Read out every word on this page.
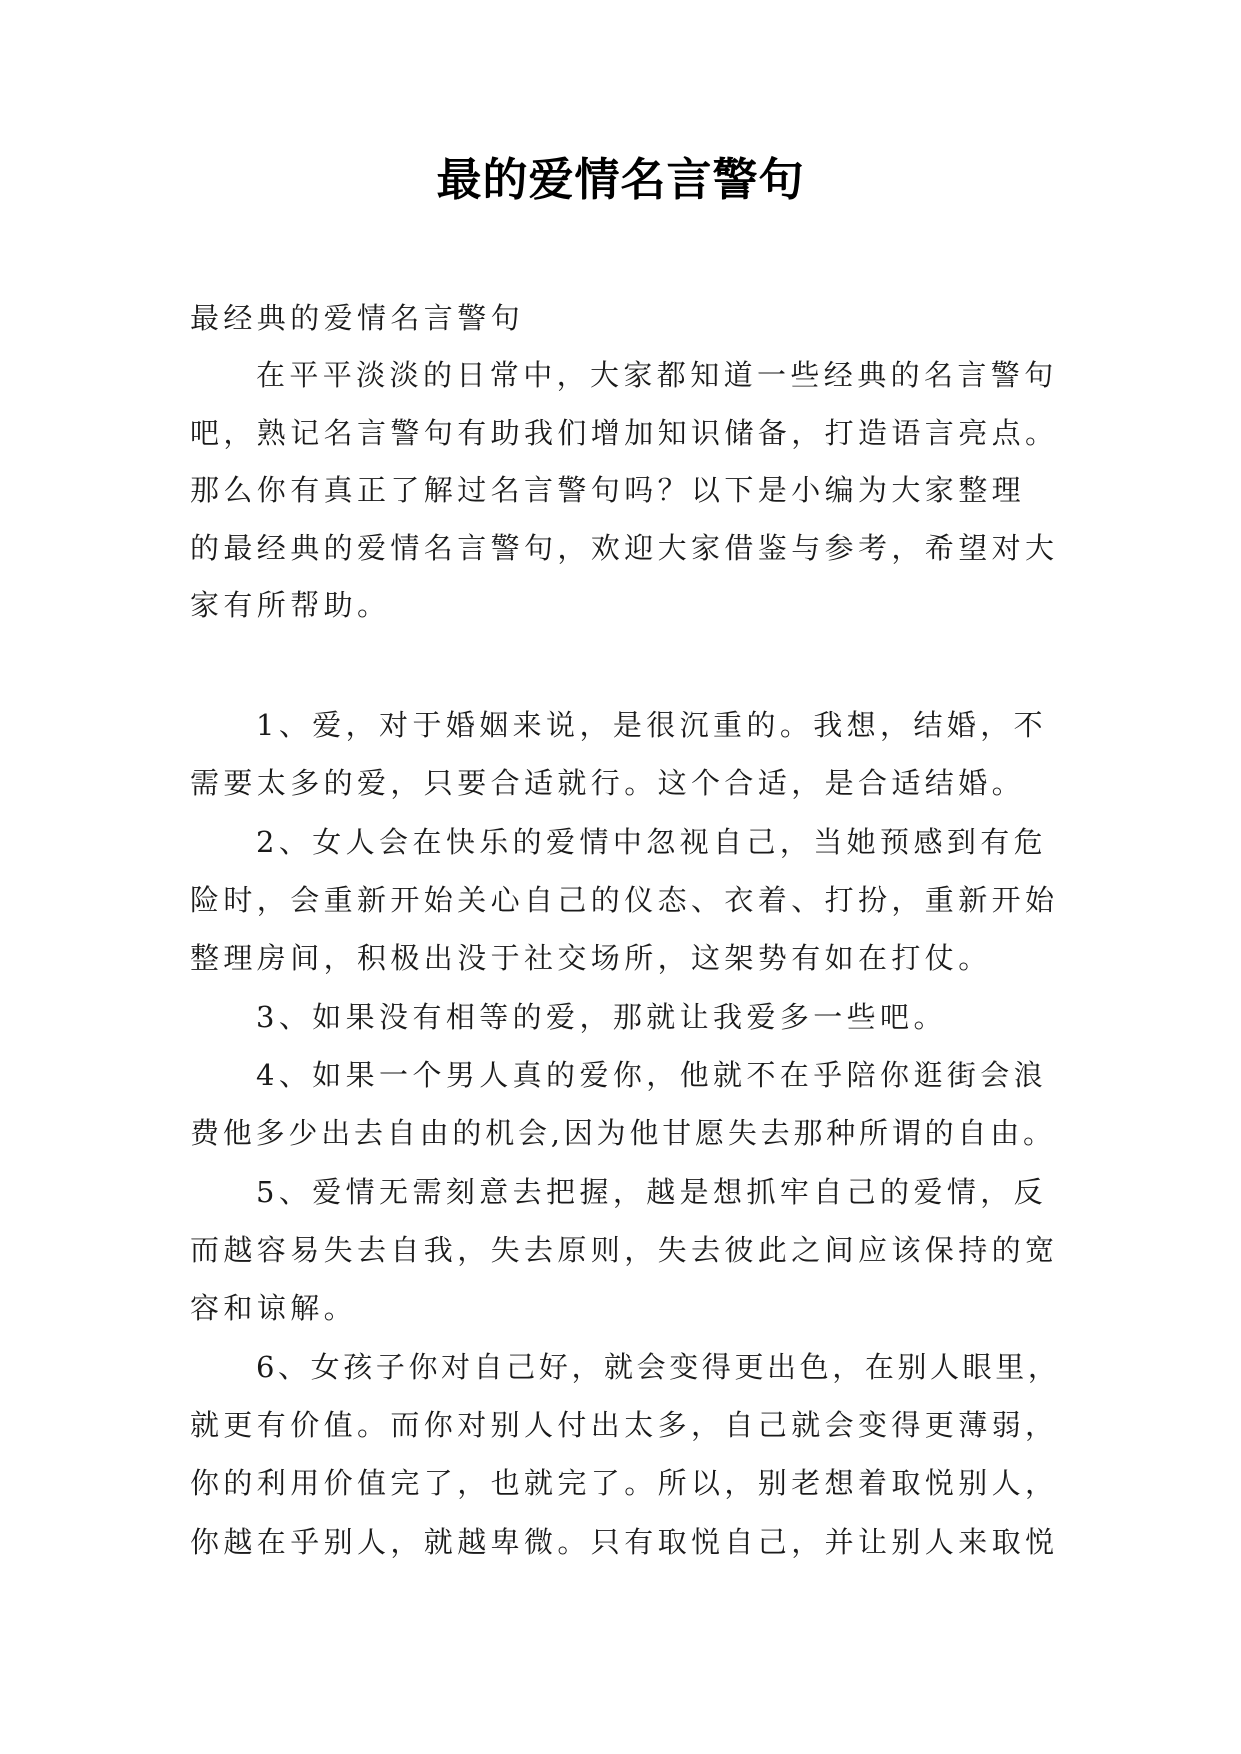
最的爱情名言警句
最经典的爱情名言警句
在平平淡淡的日常中，大家都知道一些经典的名言警句
吧，熟记名言警句有助我们增加知识储备，打造语言亮点。
那么你有真正了解过名言警句吗？以下是小编为大家整理
的最经典的爱情名言警句，欢迎大家借鉴与参考，希望对大
家有所帮助。
1、爱，对于婚姻来说，是很沉重的。我想，结婚，不
需要太多的爱，只要合适就行。这个合适，是合适结婚。
2、女人会在快乐的爱情中忽视自己，当她预感到有危
险时，会重新开始关心自己的仪态、衣着、打扮，重新开始
整理房间，积极出没于社交场所，这架势有如在打仗。
3、如果没有相等的爱，那就让我爱多一些吧。
4、如果一个男人真的爱你，他就不在乎陪你逛街会浪
费他多少出去自由的机会,因为他甘愿失去那种所谓的自由。
5、爱情无需刻意去把握，越是想抓牢自己的爱情，反
而越容易失去自我，失去原则，失去彼此之间应该保持的宽
容和谅解。
6、女孩子你对自己好，就会变得更出色，在别人眼里，
就更有价值。而你对别人付出太多，自己就会变得更薄弱，
你的利用价值完了，也就完了。所以，别老想着取悦别人，
你越在乎别人，就越卑微。只有取悦自己，并让别人来取悦
